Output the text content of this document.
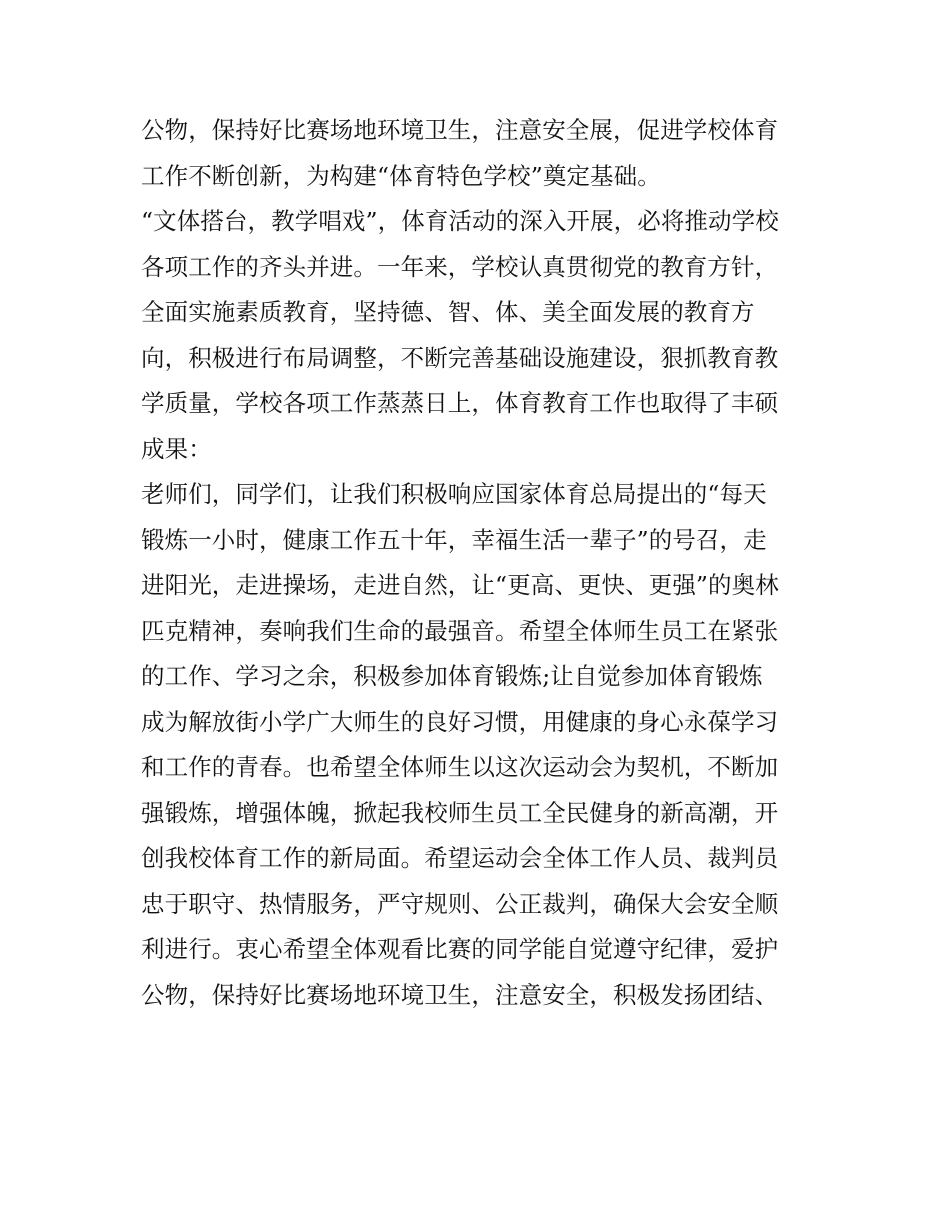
公物，保持好比赛场地环境卫生，注意安全展，促进学校体育
工作不断创新，为构建“体育特色学校”奠定基础。
“文体搭台，教学唱戏”，体育活动的深入开展，必将推动学校
各项工作的齐头并进。一年来，学校认真贯彻党的教育方针，
全面实施素质教育，坚持德、智、体、美全面发展的教育方
向，积极进行布局调整，不断完善基础设施建设，狠抓教育教
学质量，学校各项工作蒸蒸日上，体育教育工作也取得了丰硕
成果：
老师们，同学们，让我们积极响应国家体育总局提出的“每天
锻炼一小时，健康工作五十年，幸福生活一辈子”的号召，走
进阳光，走进操场，走进自然，让“更高、更快、更强”的奥林
匹克精神，奏响我们生命的最强音。希望全体师生员工在紧张
的工作、学习之余，积极参加体育锻炼;让自觉参加体育锻炼
成为解放街小学广大师生的良好习惯，用健康的身心永葆学习
和工作的青春。也希望全体师生以这次运动会为契机，不断加
强锻炼，增强体魄，掀起我校师生员工全民健身的新高潮，开
创我校体育工作的新局面。希望运动会全体工作人员、裁判员
忠于职守、热情服务，严守规则、公正裁判，确保大会安全顺
利进行。衷心希望全体观看比赛的同学能自觉遵守纪律，爱护
公物，保持好比赛场地环境卫生，注意安全，积极发扬团结、
